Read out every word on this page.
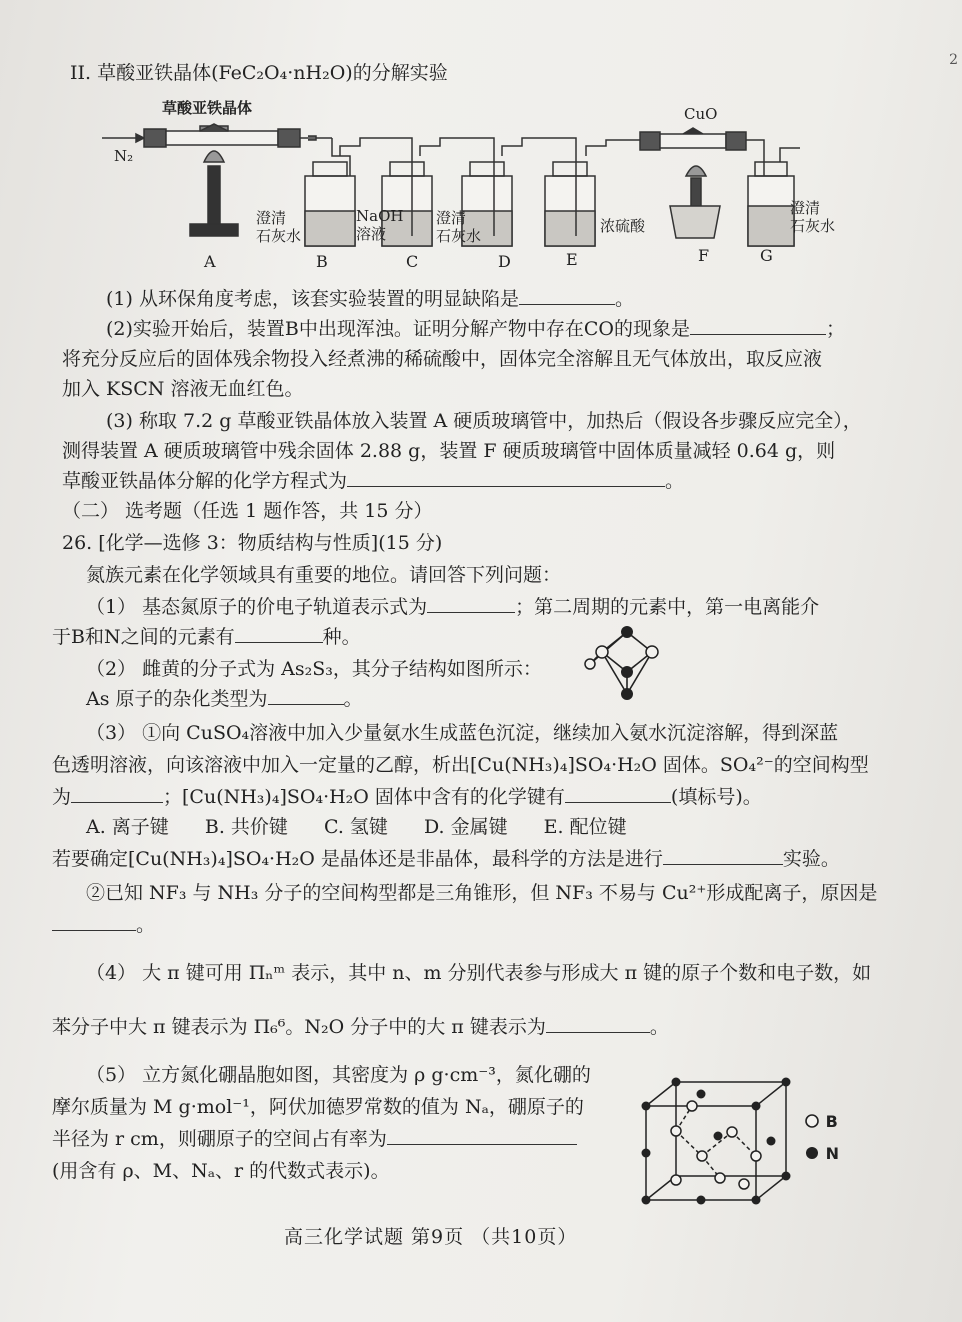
2
II. 草酸亚铁晶体(FeC₂O₄·nH₂O)的分解实验
草酸亚铁晶体	CuO
N₂
澄清
石灰水
NaOH
溶液
澄清
石灰水
浓硫酸
澄清
石灰水
A	B	C	D	E	F	G
(1) 从环保角度考虑，该套实验装置的明显缺陷是	。
(2)实验开始后，装置B中出现浑浊。证明分解产物中存在CO的现象是	；
将充分反应后的固体残余物投入经煮沸的稀硫酸中，固体完全溶解且无气体放出，取反应液
加入 KSCN 溶液无血红色。
(3) 称取 7.2 g 草酸亚铁晶体放入装置 A 硬质玻璃管中，加热后（假设各步骤反应完全），
测得装置 A 硬质玻璃管中残余固体 2.88 g，装置 F 硬质玻璃管中固体质量减轻 0.64 g，则
草酸亚铁晶体分解的化学方程式为	。
（二） 选考题（任选 1 题作答，共 15 分）
26. [化学—选修 3：物质结构与性质](15 分)
氮族元素在化学领域具有重要的地位。请回答下列问题：
（1） 基态氮原子的价电子轨道表示式为	；第二周期的元素中，第一电离能介
于B和N之间的元素有	种。
（2） 雌黄的分子式为 As₂S₃，其分子结构如图所示：
As 原子的杂化类型为	。
（3） ①向 CuSO₄溶液中加入少量氨水生成蓝色沉淀，继续加入氨水沉淀溶解，得到深蓝
色透明溶液，向该溶液中加入一定量的乙醇，析出[Cu(NH₃)₄]SO₄·H₂O 固体。SO₄²⁻的空间构型
为	；[Cu(NH₃)₄]SO₄·H₂O 固体中含有的化学键有	(填标号)。
A. 离子键 B. 共价键 C. 氢键 D. 金属键 E. 配位键
若要确定[Cu(NH₃)₄]SO₄·H₂O 是晶体还是非晶体，最科学的方法是进行	实验。
②已知 NF₃ 与 NH₃ 分子的空间构型都是三角锥形，但 NF₃ 不易与 Cu²⁺形成配离子，原因是
。
（4） 大 π 键可用 Πₙᵐ 表示，其中 n、m 分别代表参与形成大 π 键的原子个数和电子数，如
苯分子中大 π 键表示为 Π₆⁶。N₂O 分子中的大 π 键表示为	。
（5） 立方氮化硼晶胞如图，其密度为 ρ g·cm⁻³，氮化硼的
摩尔质量为 M g·mol⁻¹，阿伏加德罗常数的值为 Nₐ，硼原子的
半径为 r cm，则硼原子的空间占有率为
(用含有 ρ、M、Nₐ、r 的代数式表示)。
B
N
高三化学试题 第9页 （共10页）
